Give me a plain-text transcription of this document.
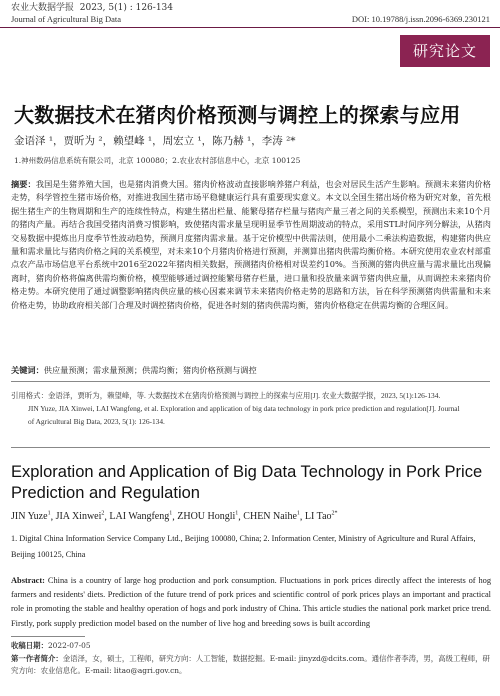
农业大数据学报 2023, 5(1) : 126-134
Journal of Agricultural Big Data	DOI: 10.19788/j.issn.2096-6369.230121
研究论文
大数据技术在猪肉价格预测与调控上的探索与应用
金语泽 ¹，贾昕为 ²，赖望峰 ¹，周宏立 ¹，陈乃赫 ¹，李涛 ²*
1.神州数码信息系统有限公司，北京 100080；2.农业农村部信息中心，北京 100125
摘要：我国是生猪养殖大国，也是猪肉消费大国。猪肉价格波动直接影响养猪户利益，也会对居民生活产生影响。预测未来猪肉价格走势，科学管控生猪市场价格，对推进我国生猪市场平稳健康运行具有重要现实意义。本文以全国生猪出场价格为研究对象，首先根据生猪生产的生物周期和生产的连续性特点，构建生猪出栏量、能繁母猪存栏量与猪肉产量三者之间的关系模型，预测出未来10个月的猪肉产量。再结合我国受猪肉消费习惯影响，致使猪肉需求量呈现明显季节性周期波动的特点，采用STL时间序列分解法，从猪肉交易数据中提炼出月度季节性波动趋势，预测月度猪肉需求量。基于定价模型中供需法则，使用最小二乘法构造数据，构建猪肉供应量和需求量比与猪肉价格之间的关系模型，对未来10个月猪肉价格进行预测，并测算出猪肉供需均衡价格。本研究使用农业农村部重点农产品市场信息平台系统中2016至2022年猪肉相关数据，预测猪肉价格相对误差约10%。当预测的猪肉供应量与需求量比出现偏离时，猪肉价格将偏离供需均衡价格，模型能够通过调控能繁母猪存栏量，进口量和投放量来调节猪肉供应量，从而调控未来猪肉价格走势。本研究使用了通过调整影响猪肉供应量的核心因素来调节未来猪肉价格走势的思路和方法，旨在科学预测猪肉供需量和未来价格走势，协助政府相关部门合理及时调控猪肉价格，促进各时刻的猪肉供需均衡，猪肉价格稳定在供需均衡的合理区间。
关键词：供应量预测；需求量预测；供需均衡；猪肉价格预测与调控
引用格式：金语泽，贾昕为，赖望峰，等. 大数据技术在猪肉价格预测与调控上的探索与应用[J]. 农业大数据学报，2023, 5(1):126-134.
JIN Yuze, JIA Xinwei, LAI Wangfeng, et al. Exploration and application of big data technology in pork price prediction and regulation[J]. Journal
of Agricultural Big Data, 2023, 5(1): 126-134.
Exploration and Application of Big Data Technology in Pork Price Prediction and Regulation
JIN Yuze$^1$, JIA Xinwei$^2$, LAI Wangfeng$^1$, ZHOU Hongli$^1$, CHEN Naihe$^1$, LI Tao$^{2*}$
1. Digital China Information Service Company Ltd., Beijing 100080, China; 2. Information Center, Ministry of Agriculture and Rural Affairs, Beijing 100125, China
Abstract: China is a country of large hog production and pork consumption. Fluctuations in pork prices directly affect the interests of hog farmers and residents' diets. Prediction of the future trend of pork prices and scientific control of pork prices plays an important and practical role in promoting the stable and healthy operation of hogs and pork industry of China. This article studies the national pork market price trend. Firstly, pork supply prediction model based on the number of live hog and breeding sows is built according
收稿日期：2022-07-05
第一作者简介：金语泽，女，硕士，工程师，研究方向：人工智能，数据挖掘。E-mail: jinyzd@dcits.com。通信作者李涛，男，高级工程师，研究方向：农业信息化。E-mail: litao@agri.gov.cn。
